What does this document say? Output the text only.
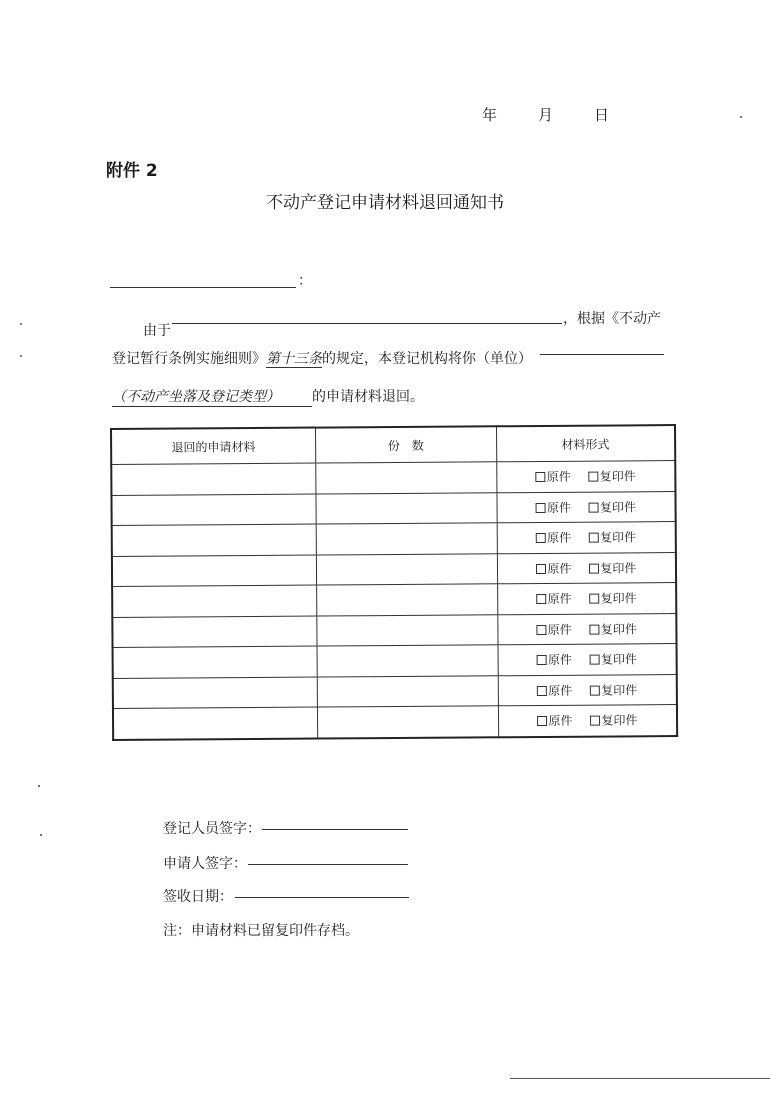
年	月	日
附件 2
不动产登记申请材料退回通知书
：
由于
，根据《不动产
登记暂行条例实施细则》第十三条的规定，本登记机构将你（单位）
（不动产坐落及登记类型） 的申请材料退回。
退回的申请材料	份　数	材料形式
		原件 复印件
		原件 复印件
		原件 复印件
		原件 复印件
		原件 复印件
		原件 复印件
		原件 复印件
		原件 复印件
		原件 复印件
登记人员签字：
申请人签字：
签收日期：
注：申请材料已留复印件存档。
